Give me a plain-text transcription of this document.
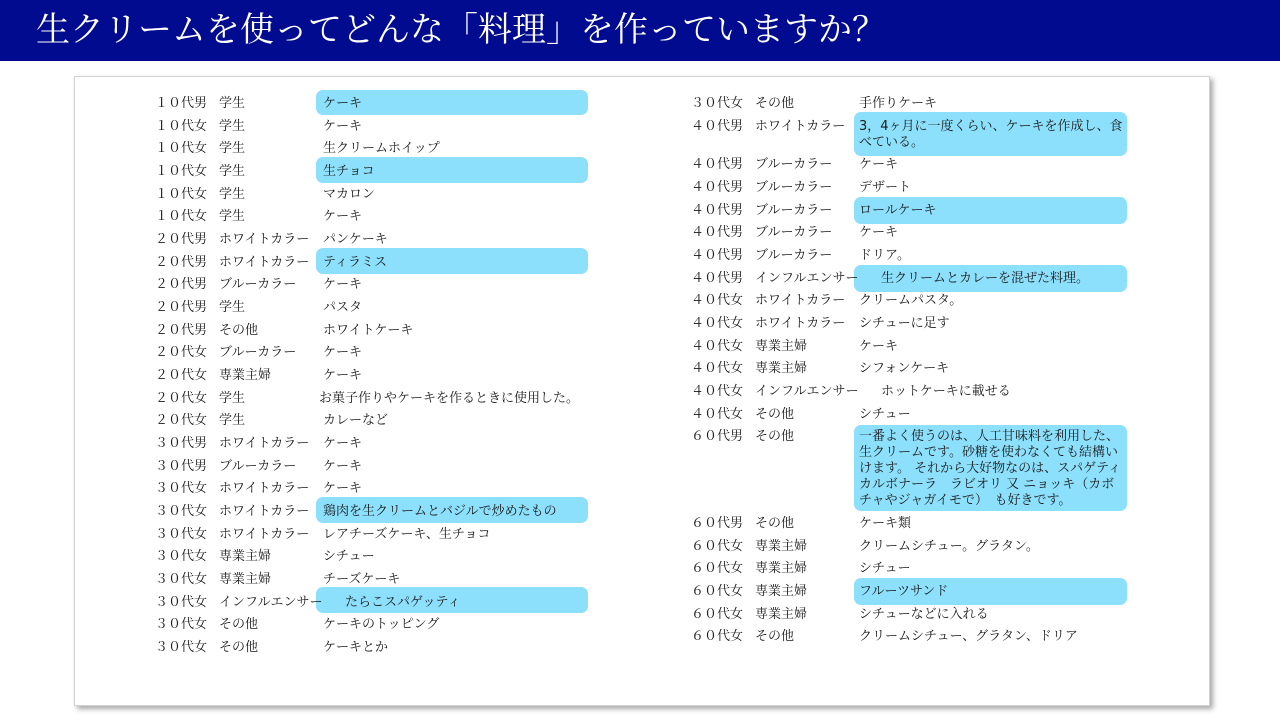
生クリームを使ってどんな「料理」を作っていますか？
１０代男 学生	ケーキ
１０代女 学生	ケーキ
１０代女 学生	生クリームホイップ
１０代女 学生	生チョコ
１０代女 学生	マカロン
１０代女 学生	ケーキ
２０代男 ホワイトカラー パンケーキ
２０代男 ホワイトカラー ティラミス
２０代男 ブルーカラー ケーキ
２０代男 学生	パスタ
２０代男 その他	ホワイトケーキ
２０代女 ブルーカラー ケーキ
２０代女 専業主婦	ケーキ
２０代女 学生	お菓子作りやケーキを作るときに使用した。
２０代女 学生	カレーなど
３０代男 ホワイトカラー ケーキ
３０代男 ブルーカラー ケーキ
３０代女 ホワイトカラー ケーキ
３０代女 ホワイトカラー 鶏肉を生クリームとバジルで炒めたもの
３０代女 ホワイトカラー レアチーズケーキ、生チョコ
３０代女 専業主婦	シチュー
３０代女 専業主婦	チーズケーキ
３０代女 インフルエンサー たらこスパゲッティ
３０代女 その他	ケーキのトッピング
３０代女 その他	ケーキとか
３０代女 その他	手作りケーキ
４０代男 ホワイトカラー 3，4ヶ月に一度くらい、ケーキを作成し、食べている。
４０代男 ブルーカラー ケーキ
４０代男 ブルーカラー デザート
４０代男 ブルーカラー ロールケーキ
４０代男 ブルーカラー ケーキ
４０代男 ブルーカラー ドリア。
４０代男 インフルエンサー 生クリームとカレーを混ぜた料理。
４０代女 ホワイトカラー クリームパスタ。
４０代女 ホワイトカラー シチューに足す
４０代女 専業主婦	ケーキ
４０代女 専業主婦	シフォンケーキ
４０代女 インフルエンサー ホットケーキに載せる
４０代女 その他	シチュー
６０代男 その他	一番よく使うのは、人工甘味料を利用した、生クリームです。砂糖を使わなくても結構いけます。 それから大好物なのは、スパゲティカルボナーラ　ラビオリ 又 ニョッキ（カボチャやジャガイモで）　も好きです。
６０代男 その他	ケーキ類
６０代女 専業主婦	クリームシチュー。グラタン。
６０代女 専業主婦	シチュー
６０代女 専業主婦	フルーツサンド
６０代女 専業主婦	シチューなどに入れる
６０代女 その他	クリームシチュー、グラタン、ドリア
